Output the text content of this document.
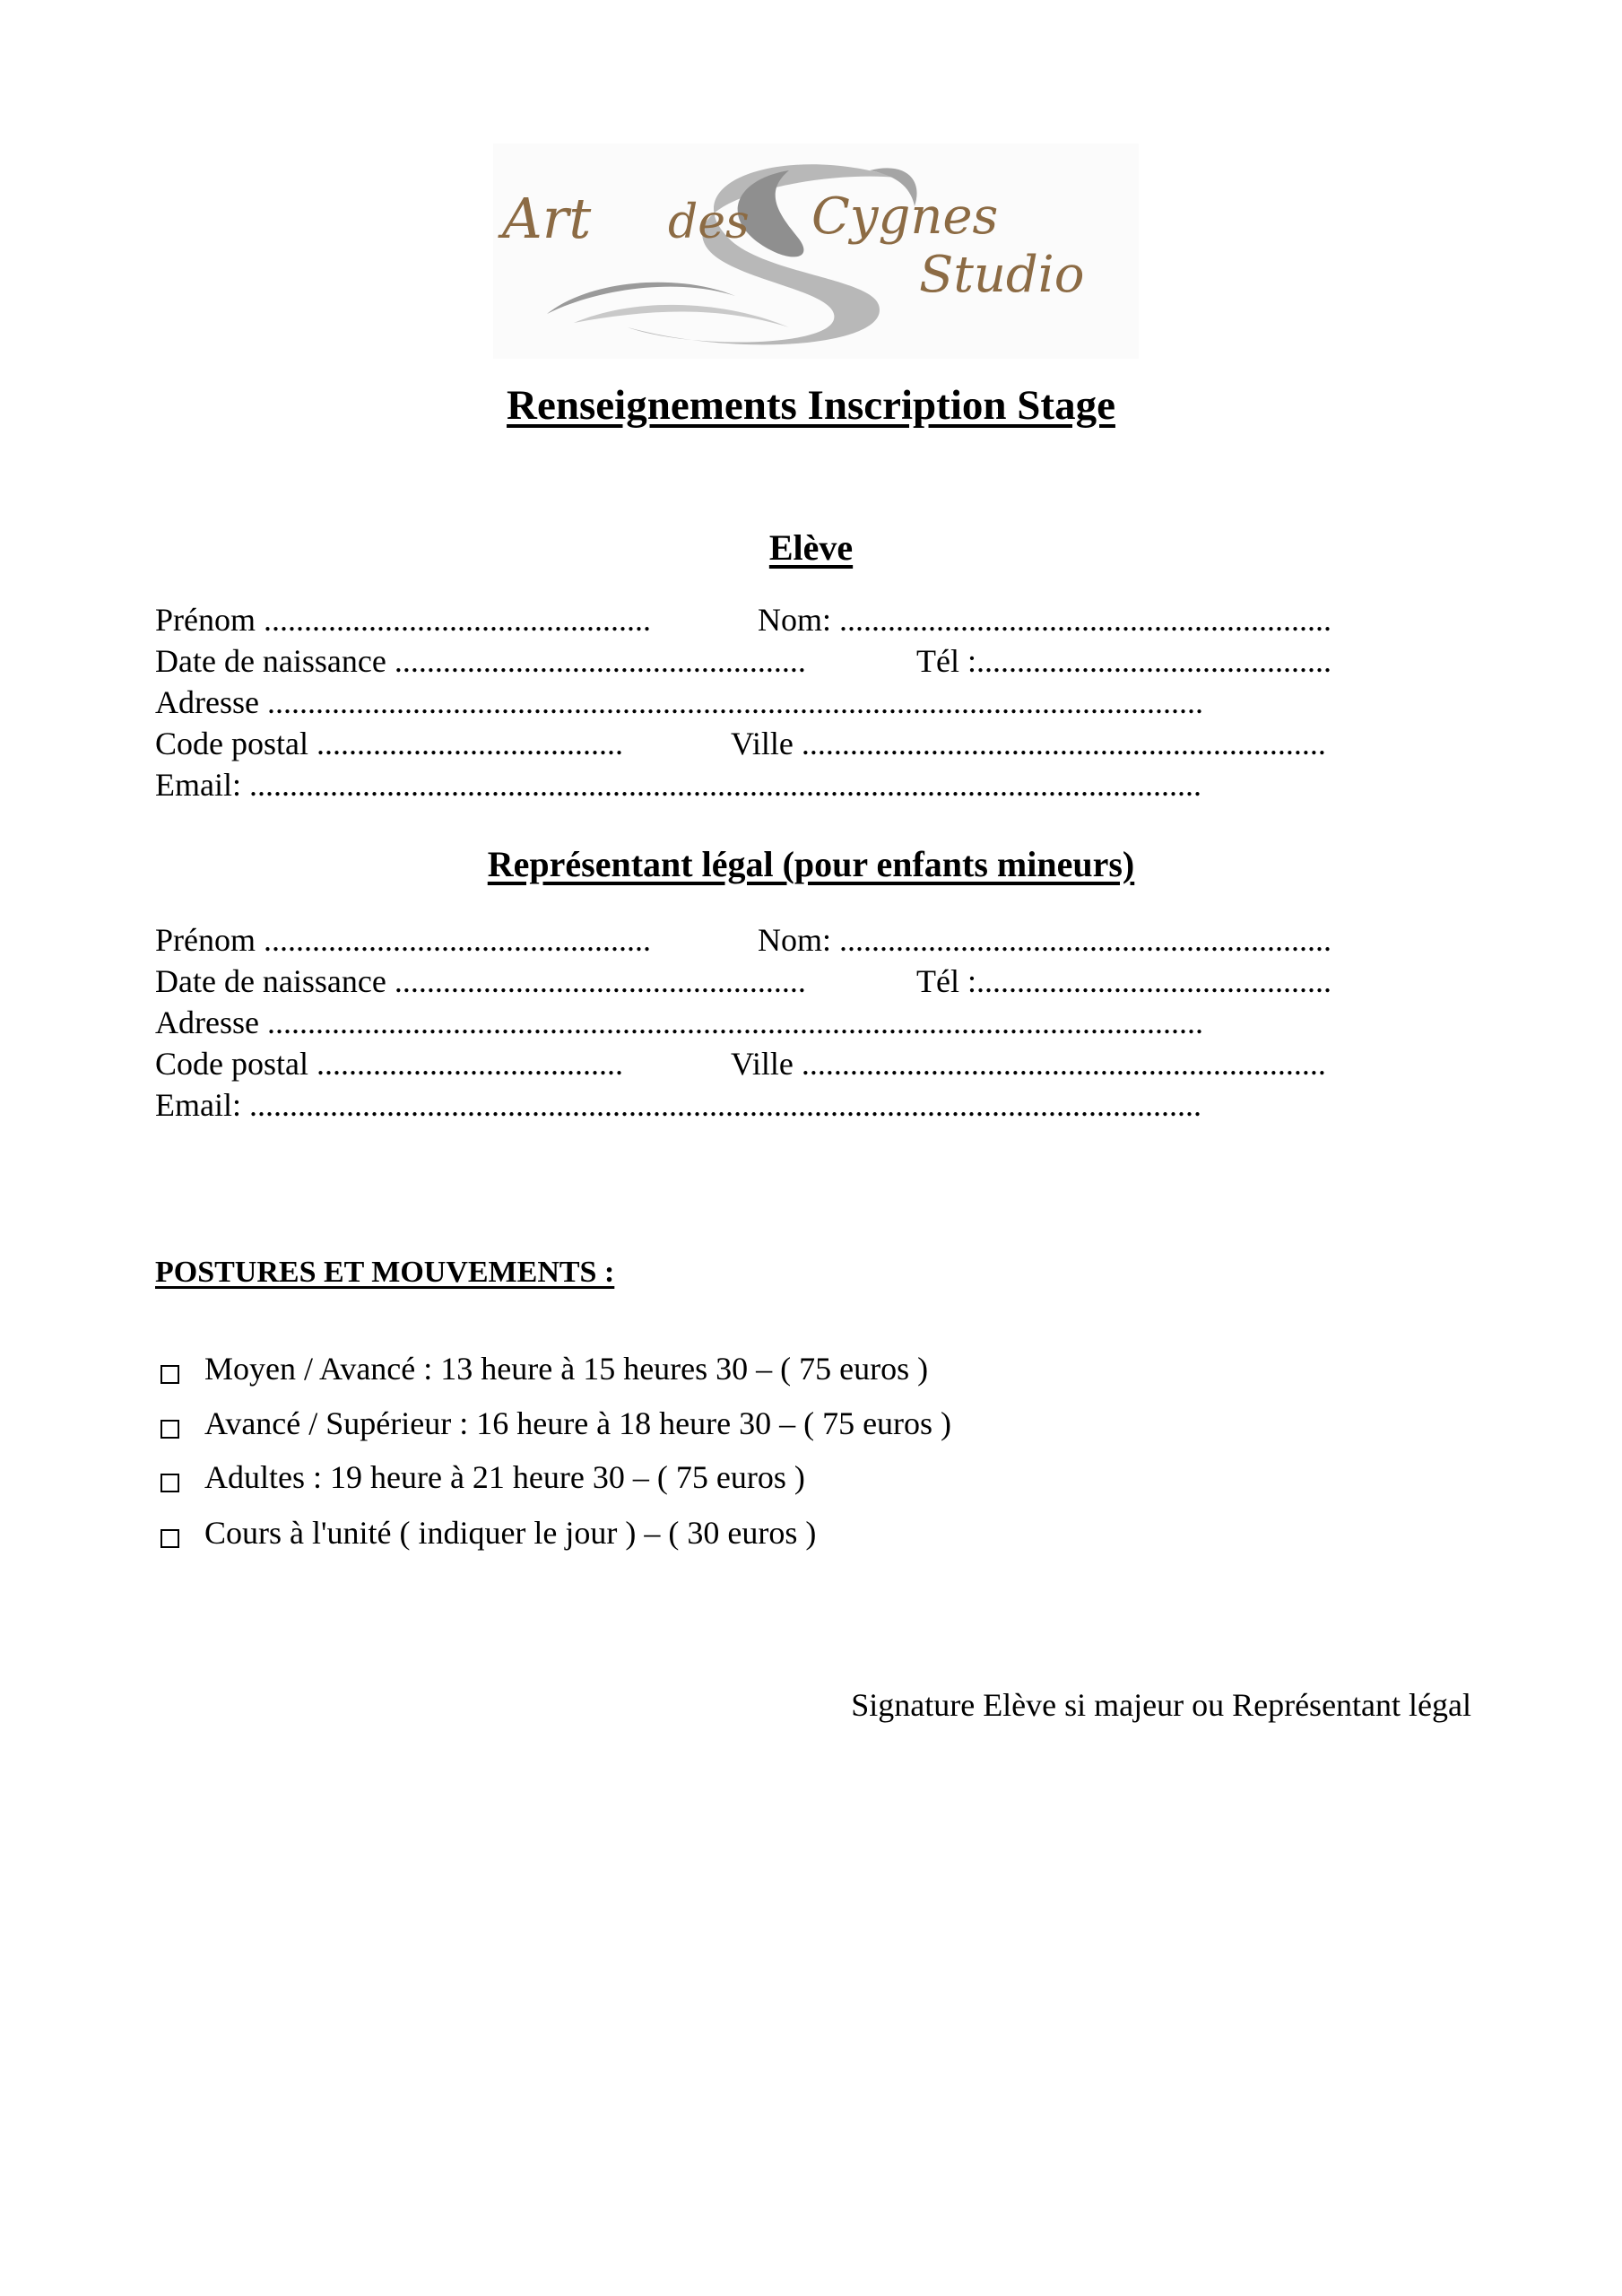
Art des Cygnes
Studio
Renseignements Inscription Stage
Elève
Prénom ................................................	Nom: .............................................................
Date de naissance ...................................................	Tél :............................................
Adresse ....................................................................................................................
Code postal ......................................	Ville .................................................................
Email: ......................................................................................................................
Représentant légal (pour enfants mineurs)
Prénom ................................................	Nom: .............................................................
Date de naissance ...................................................	Tél :............................................
Adresse ....................................................................................................................
Code postal ......................................	Ville .................................................................
Email: ......................................................................................................................
POSTURES ET MOUVEMENTS :
Moyen / Avancé : 13 heure à 15 heures 30 – ( 75 euros )
Avancé / Supérieur : 16 heure à 18 heure 30 – ( 75 euros )
Adultes : 19 heure à 21 heure 30 – ( 75 euros )
Cours à l'unité ( indiquer le jour ) – ( 30 euros )
Signature Elève si majeur ou Représentant légal
